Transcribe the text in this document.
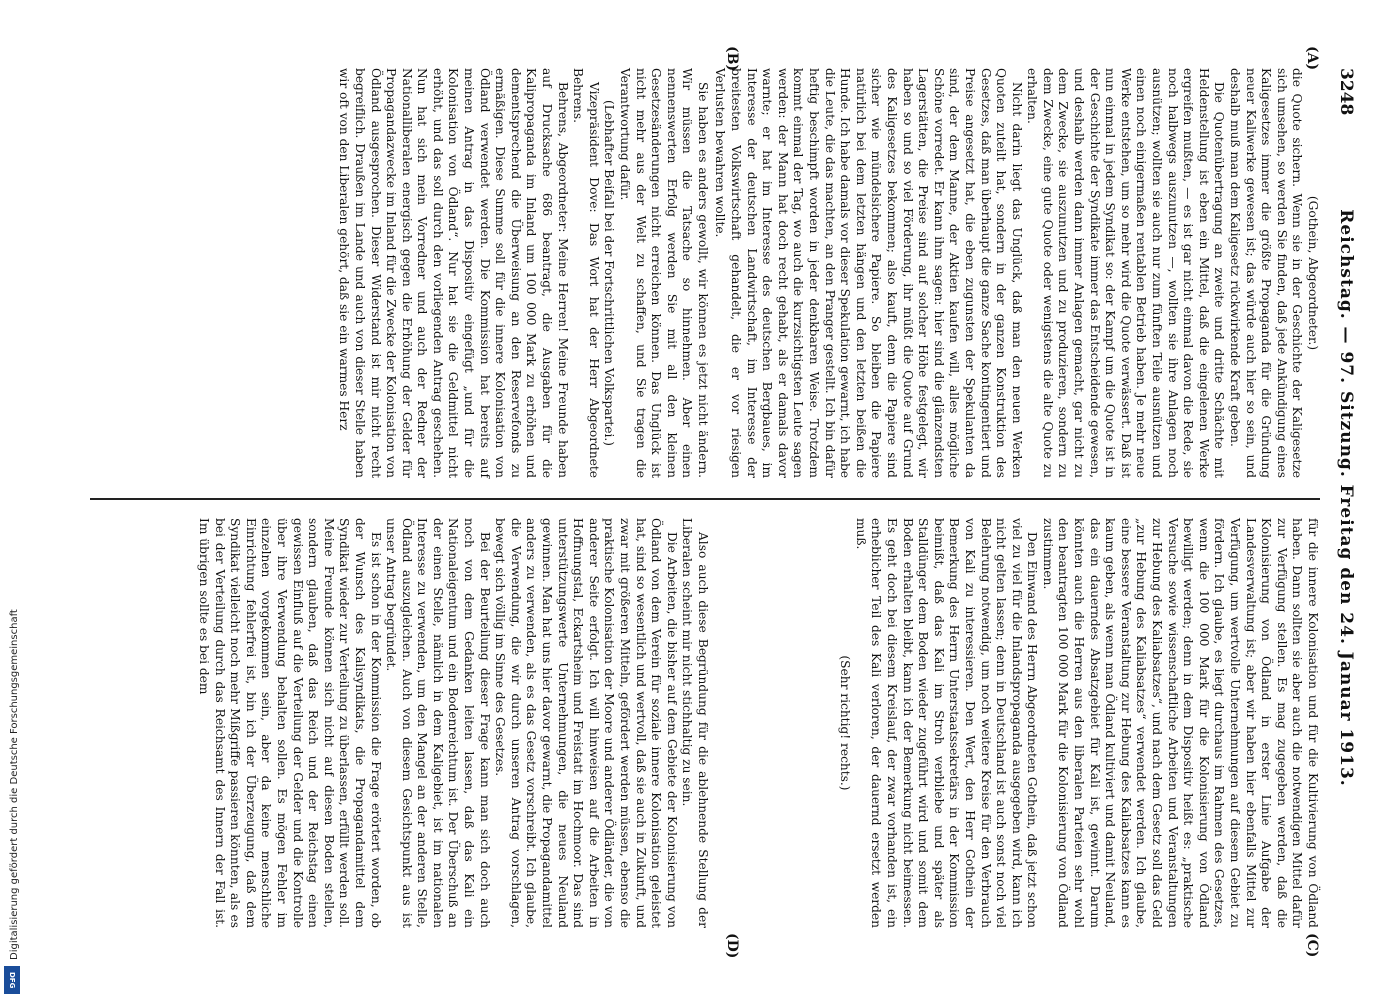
3248
Reichstag. — 97. Sitzung. Freitag den 24. Januar 1913.
(A)
(B)
(C)
(D)

(Gothein, Abgeordneter.)

die Quote sichern. Wenn sie in der Geschichte der Kaligesetze sich umsehen, so werden Sie finden, daß jede Ankündigung eines Kaligesetzes immer die größte Propaganda für die Gründung neuer Kaliwerke gewesen ist; das würde auch hier so sein, und deshalb muß man dem Kaligesetz rückwirkende Kraft geben.

Die Quotenübertragung an zweite und dritte Schächte mit Heldenstellung ist eben ein Mittel, daß die eingelenen Werke ergreifen mußten, — es ist gar nicht einmal davon die Rede, sie noch halbwegs auszunutzen —, wollten sie ihre Anlagen noch ausnützen; wollten sie auch nur zum fünften Teile ausnützen und einen noch einigermaßen rentablen Betrieb haben. Je mehr neue Werke entstehen, um so mehr wird die Quote verwässert. Daß ist nun einmal in jedem Syndikat so: der Kampf um die Quote ist in der Geschichte der Syndikate immer das Entscheidende gewesen, und deshalb werden dann immer Anlagen gemacht, gar nicht zu dem Zwecke, sie auszunutzen und zu produzieren, sondern zu dem Zwecke, eine gute Quote oder wenigstens die alte Quote zu erhalten.

Nicht darin liegt das Unglück, daß man den neuen Werken Quoten zuteilt hat, sondern in der ganzen Konstruktion des Gesetzes, daß man überhaupt die ganze Sache kontingentiert und Preise angesetzt hat, die eben zugunsten der Spekulanten da sind, der dem Manne, der Aktien kaufen will, alles mögliche Schöne vorredet. Er kann ihm sagen: hier sind die glänzendsten Lagerstätten, die Preise sind auf solcher Höhe festgelegt, wir haben so und so viel Förderung, ihr müßt die Quote auf Grund des Kaligesetzes bekommen; also kauft, denn die Papiere sind sicher wie mündelsichere Papiere. So bleiben die Papiere natürlich bei dem letzten hängen und den letzten beißen die Hunde. Ich habe damals vor dieser Spekulation gewarnt, ich habe die Leute, die das machten, an den Pranger gestellt. Ich bin dafür heftig beschimpft worden in jeder denkbaren Weise. Trotzdem kommt einmal der Tag, wo auch die kurzsichtigsten Leute sagen werden: der Mann hat doch recht gehabt, als er damals davor warnte; er hat im Interesse des deutschen Bergbaues, im Interesse der deutschen Landwirtschaft, im Interesse der breitesten Volkswirtschaft gehandelt, die er vor riesigen Verlusten bewahren wollte.

Sie haben es anders gewollt, wir können es jetzt nicht ändern. Wir müssen die Tatsache so hinnehmen. Aber einen nennenswerten Erfolg werden Sie mit all den kleinen Gesetzesänderungen nicht erreichen können. Das Unglück ist nicht mehr aus der Welt zu schaffen, und Sie tragen die Verantwortung dafür.

(Lebhafter Beifall bei der Fortschrittlichen Volkspartei.)

Vizepräsident Dove: Das Wort hat der Herr Abgeordnete Behrens.

Behrens, Abgeordneter: Meine Herren! Meine Freunde haben auf Drucksache 686 beantragt, die Ausgaben für die Kalipropaganda im Inland um 100 000 Mark zu erhöhen und dementsprechend die Überweisung an den Reservefonds zu ermäßigen. Diese Summe soll für die innere Kolonisation von Ödland verwendet werden. Die Kommission hat bereits auf meinen Antrag in das Dispositiv eingefügt „und für die Kolonisation von Ödland“. Nur hat sie die Geldmittel nicht erhöht, und das soll durch den vorliegenden Antrag geschehen. Nun hat sich mein Vorredner und auch der Redner der Nationalliberalen energisch gegen die Erhöhung der Gelder für Propagandazwecke im Inland für die Zwecke der Kolonisation von Ödland ausgesprochen. Dieser Widerstand ist mir nicht recht begreiflich. Draußen im Lande und auch von dieser Stelle haben wir oft von den Liberalen gehört, daß sie ein warmes Herz

für die innere Kolonisation und für die Kultivierung von Ödland haben. Dann sollten sie aber auch die notwendigen Mittel dafür zur Verfügung stellen. Es mag zugegeben werden, daß die Kolonisierung von Ödland in erster Linie Aufgabe der Landesverwaltung ist; aber wir haben hier ebenfalls Mittel zur Verfügung, um wertvolle Unternehmungen auf diesem Gebiet zu fördern. Ich glaube, es liegt durchaus im Rahmen des Gesetzes, wenn die 100 000 Mark für die Kolonisierung von Ödland bewilligt werden; denn in dem Dispositiv heißt es: „praktische Versuche sowie wissenschaftliche Arbeiten und Veranstaltungen zur Hebung des Kaliabsatzes“, und nach dem Gesetz soll das Geld „zur Hebung des Kaliabsatzes“ verwendet werden. Ich glaube, eine bessere Veranstaltung zur Hebung des Kaliabsatzes kann es kaum geben, als wenn man Ödland kultiviert und damit Neuland, das ein dauerndes Absatzgebiet für Kali ist, gewinnt. Darum könnten auch die Herren aus den liberalen Parteien sehr wohl den beantragten 100 000 Mark für die Kolonisierung von Ödland zustimmen.

Den Einwand des Herrn Abgeordneten Gothein, daß jetzt schon viel zu viel für die Inlandspropaganda ausgegeben wird, kann ich nicht gelten lassen; denn in Deutschland ist auch sonst noch viel Belehrung notwendig, um noch weitere Kreise für den Verbrauch von Kali zu interessieren. Den Wert, den Herr Gothein der Bemerkung des Herrn Unterstaatssekretärs in der Kommission beimißt, daß das Kali im Stroh verbliebe und später als Stalldünger dem Boden wieder zugeführt wird und somit dem Boden erhalten bleibt, kann ich der Bemerkung nicht beimessen. Es geht doch bei diesem Kreislauf, der zwar vorhanden ist, ein erheblicher Teil des Kali verloren, der dauernd ersetzt werden muß.

(Sehr richtig! rechts.)

Also auch diese Begründung für die ablehnende Stellung der Liberalen scheint mir nicht stichhaltig zu sein.

Die Arbeiten, die bisher auf dem Gebiete der Kolonisierung von Ödland von dem Verein für soziale innere Kolonisation geleistet hat, sind so wesentlich und wertvoll, daß sie auch in Zukunft, und zwar mit größeren Mitteln, gefördert werden müssen, ebenso die praktische Kolonisation der Moore und anderer Ödländer, die von anderer Seite erfolgt. Ich will hinweisen auf die Arbeiten in Hoffnungstal, Eckartsheim und Freistatt im Hochmoor. Das sind unterstützungswerte Unternehmungen, die neues Neuland gewinnen. Man hat uns hier davor gewarnt, die Propagandamittel anders zu verwenden, als es das Gesetz vorschreibt. Ich glaube, die Verwendung, die wir durch unseren Antrag vorschlagen, bewegt sich völlig im Sinne des Gesetzes.

Bei der Beurteilung dieser Frage kann man sich doch auch noch von dem Gedanken leiten lassen, daß das Kali ein Nationaleigentum und ein Bodenreichtum ist. Der Überschuß an der einen Stelle, nämlich in dem Kaligebiet, ist im nationalen Interesse zu verwenden, um den Mangel an der anderen Stelle, Ödland auszugleichen. Auch von diesem Gesichtspunkt aus ist unser Antrag begründet.

Es ist schon in der Kommission die Frage erörtert worden, ob der Wunsch des Kalisyndikats, die Propagandamittel dem Syndikat wieder zur Verteilung zu überlassen, erfüllt werden soll. Meine Freunde können sich nicht auf diesen Boden stellen, sondern glauben, daß das Reich und der Reichstag einen gewissen Einfluß auf die Verteilung der Gelder und die Kontrolle über ihre Verwendung behalten sollen. Es mögen Fehler im einzelnen vorgekommen sein, aber da keine menschliche Einrichtung fehlerfrei ist, bin ich der Überzeugung, daß dem Syndikat vielleicht noch mehr Mißgriffe passieren könnten, als es bei der Verteilung durch das Reichsamt des Innern der Fall ist. Im übrigen sollte es bei dem

Digitalisierung gefördert durch die Deutsche Forschungsgemeinschaft
DFG
